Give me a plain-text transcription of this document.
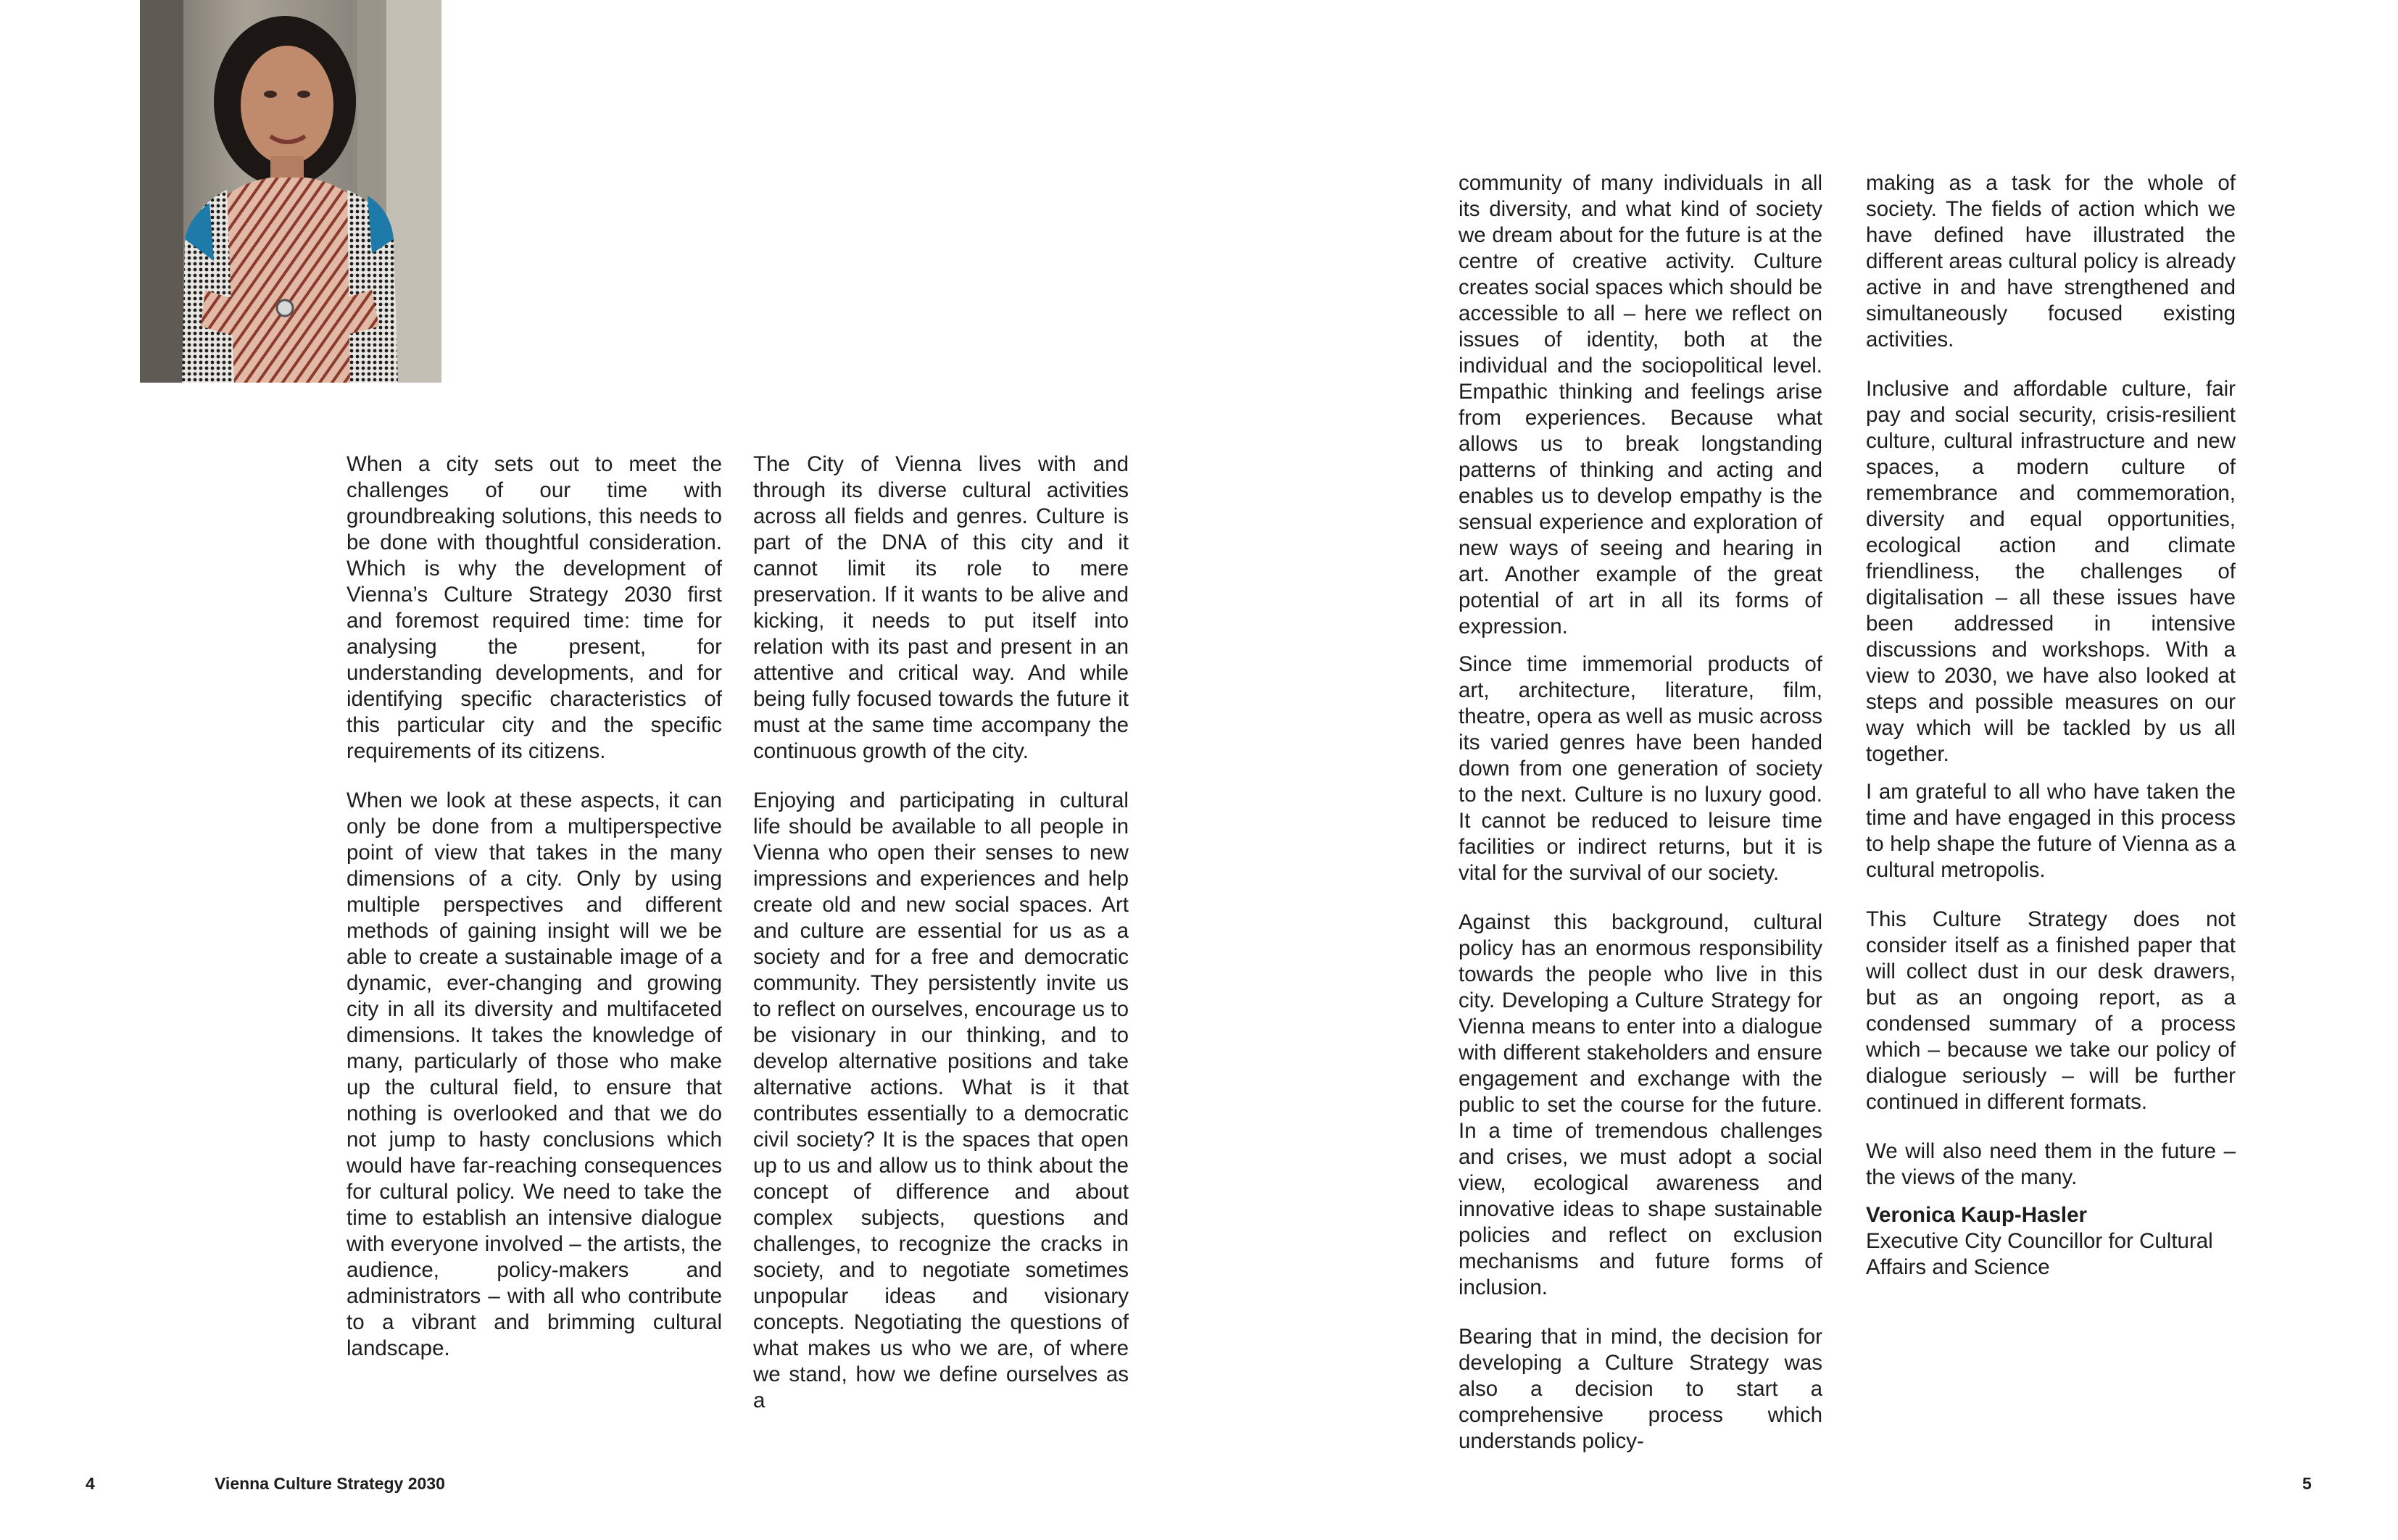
When a city sets out to meet the challenges of our time with groundbreaking solutions, this needs to be done with thoughtful consideration. Which is why the development of Vienna’s Culture Strategy 2030 first and foremost required time: time for analysing the present, for understanding developments, and for identifying specific characteristics of this particular city and the specific requirements of its citizens.

When we look at these aspects, it can only be done from a multiperspective point of view that takes in the many dimensions of a city. Only by using multiple perspectives and different methods of gaining insight will we be able to create a sustainable image of a dynamic, ever-changing and growing city in all its diversity and multifaceted dimensions. It takes the knowledge of many, particularly of those who make up the cultural field, to ensure that nothing is overlooked and that we do not jump to hasty conclusions which would have far-reaching consequences for cultural policy. We need to take the time to establish an intensive dialogue with everyone involved – the artists, the audience, policy-makers and administrators – with all who contribute to a vibrant and brimming cultural landscape.

The City of Vienna lives with and through its diverse cultural activities across all fields and genres. Culture is part of the DNA of this city and it cannot limit its role to mere preservation. If it wants to be alive and kicking, it needs to put itself into relation with its past and present in an attentive and critical way. And while being fully focused towards the future it must at the same time accompany the continuous growth of the city.

Enjoying and participating in cultural life should be available to all people in Vienna who open their senses to new impressions and experiences and help create old and new social spaces. Art and culture are essential for us as a society and for a free and democratic community. They persistently invite us to reflect on ourselves, encourage us to be visionary in our thinking, and to develop alternative positions and take alternative actions. What is it that contributes essentially to a democratic civil society? It is the spaces that open up to us and allow us to think about the concept of difference and about complex subjects, questions and challenges, to recognize the cracks in society, and to negotiate sometimes unpopular ideas and visionary concepts. Negotiating the questions of what makes us who we are, of where we stand, how we define ourselves as a

community of many individuals in all its diversity, and what kind of society we dream about for the future is at the centre of creative activity. Culture creates social spaces which should be accessible to all – here we reflect on issues of identity, both at the individual and the sociopolitical level. Empathic thinking and feelings arise from experiences. Because what allows us to break longstanding patterns of thinking and acting and enables us to develop empathy is the sensual experience and exploration of new ways of seeing and hearing in art. Another example of the great potential of art in all its forms of expression.

Since time immemorial products of art, architecture, literature, film, theatre, opera as well as music across its varied genres have been handed down from one generation of society to the next. Culture is no luxury good. It cannot be reduced to leisure time facilities or indirect returns, but it is vital for the survival of our society.

Against this background, cultural policy has an enormous responsibility towards the people who live in this city. Developing a Culture Strategy for Vienna means to enter into a dialogue with different stakeholders and ensure engagement and exchange with the public to set the course for the future. In a time of tremendous challenges and crises, we must adopt a social view, ecological awareness and innovative ideas to shape sustainable policies and reflect on exclusion mechanisms and future forms of inclusion.

Bearing that in mind, the decision for developing a Culture Strategy was also a decision to start a comprehensive process which understands policy-

making as a task for the whole of society. The fields of action which we have defined have illustrated the different areas cultural policy is already active in and have strengthened and simultaneously focused existing activities.

Inclusive and affordable culture, fair pay and social security, crisis-resilient culture, cultural infrastructure and new spaces, a modern culture of remembrance and commemoration, diversity and equal opportunities, ecological action and climate friendliness, the challenges of digitalisation – all these issues have been addressed in intensive discussions and workshops. With a view to 2030, we have also looked at steps and possible measures on our way which will be tackled by us all together.

I am grateful to all who have taken the time and have engaged in this process to help shape the future of Vienna as a cultural metropolis.

This Culture Strategy does not consider itself as a finished paper that will collect dust in our desk drawers, but as an ongoing report, as a condensed summary of a process which – because we take our policy of dialogue seriously – will be further continued in different formats.

We will also need them in the future – the views of the many.

Veronica Kaup-Hasler

Executive City Councillor for Cultural Affairs and Science

4	Vienna Culture Strategy 2030	5
